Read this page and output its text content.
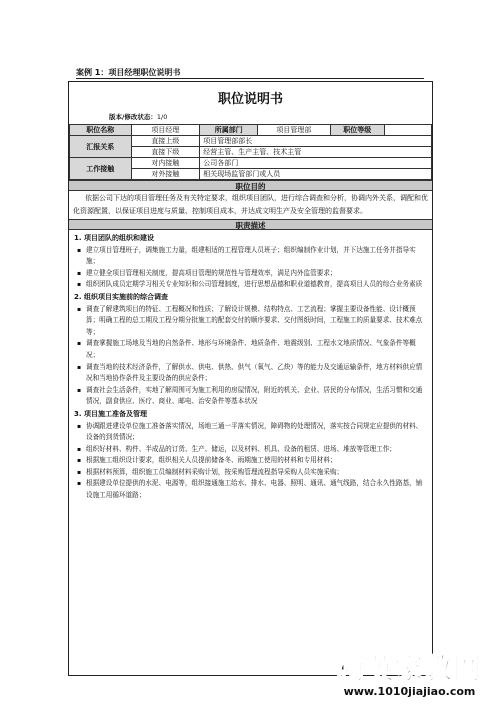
案例 1：项目经理职位说明书
职位说明书
版本/修改状态：1/0
职位名称	项目经理	所属部门	项目管理部	职位等级	
汇报关系	直接上级	项目管理部部长			
	直接下级	经营主管、生产主管、技术主管			
工作接触	对内接触	公司各部门			
	对外接触	相关现场监管部门或人员			
职位目的
依据公司下达的项目管理任务及有关特定要求，组织项目团队，进行综合调查和分析，协调内外关系，调配和优化资源配置，以保证项目进度与质量、控制项目成本，并达成文明生产及安全管理的监督要求。
职责描述
1. 项目团队的组织和建设
▪ 建立项目管理班子，调集施工力量，组建相适的工程管理人员班子；组织编制作业计划，并下达施工任务并指导实施；
▪ 建立健全项目管理相关制度，提高项目管理的规范性与管理效率，满足内外监管要求；
▪ 组织团队成员定期学习相关专业知识和公司管理制度，进行思想品德和职业道德教育，提高项目人员的综合业务素质
2. 组织项目实施前的综合调查
▪ 调查了解建筑项目的特征、工程概况和性质；了解设计规模、结构特点、工艺流程；掌握主要设备性能、设计概预算；明确工程的总工期及工程分期分批施工的配套交付的顺序要求、交付图纸时间，工程施工的质量要求、技术难点等；
▪ 调查掌握施工场地及当地的自然条件、地形与环境条件、地质条件、地震级别、工程水文地质情况、气象条件等概况；
▪ 调查当地的技术经济条件，了解供水、供电、供热、供气（氧气、乙炔）等的能力及交通运输条件，地方材料供应情况和当地协作条件及主要设备的供应条件；
▪ 调查社会生活条件，实地了解周围可为施工利用的房屋情况，附近的机关、企业、居民的分布情况，生活习惯和交通情况，副食供应、医疗、商业、邮电、治安条件等基本状况
3. 项目施工准备及管理
▪ 协调跟进建设单位施工准备落实情况，场地三通一平落实情况，障碍物的处理情况，落实按合同规定应提供的材料、设备的到货情况；
▪ 组织好材料、构件、半成品的订货、生产、储运，以及材料、机具、设备的租赁、进场、堆放等管理工作；
▪ 根据施工组织设计要求，组织相关人员提前储备冬、雨期施工使用的材料和专用材料；
▪ 根据材料预算，组织施工员编制材料采购计划，按采购管理流程指导采购人员实施采购；
▪ 根据建设单位提供的水泥、电源等，组织接通施工给水、排水、电器、照明、通讯、通气线路，结合永久性路基，铺设施工用循环道路；
精英家教网
www.1010jiajiao.com
